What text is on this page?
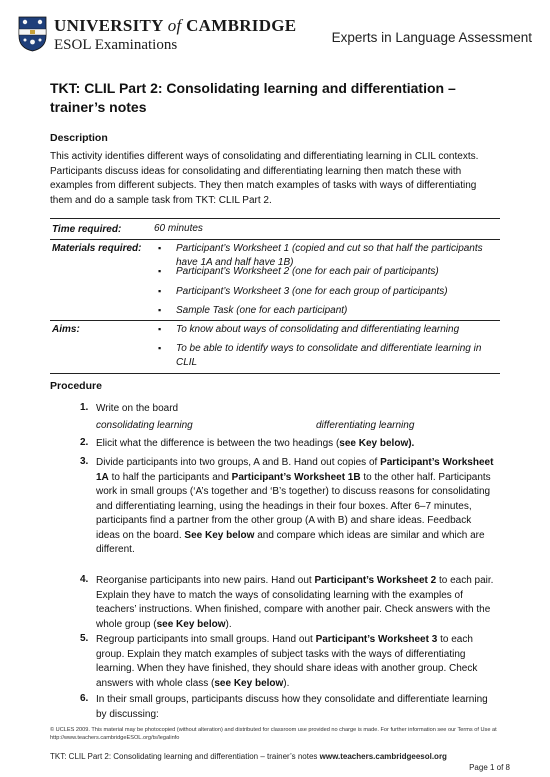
UNIVERSITY of CAMBRIDGE
ESOL Examinations	Experts in Language Assessment
TKT: CLIL Part 2: Consolidating learning and differentiation – trainer’s notes
Description
This activity identifies different ways of consolidating and differentiating learning in CLIL contexts. Participants discuss ideas for consolidating and differentiating learning then match these with examples from different subjects. They then match examples of tasks with ways of differentiating them and do a sample task from TKT: CLIL Part 2.
Time required:	60 minutes
Materials required: ▪ Participant’s Worksheet 1 (copied and cut so that half the participants have 1A and half have 1B)
▪ Participant’s Worksheet 2 (one for each pair of participants)
▪ Participant’s Worksheet 3 (one for each group of participants)
▪ Sample Task (one for each participant)
Aims:	▪ To know about ways of consolidating and differentiating learning
▪ To be able to identify ways to consolidate and differentiate learning in CLIL
Procedure
1. Write on the board
consolidating learning	differentiating learning
2. Elicit what the difference is between the two headings (see Key below).
3. Divide participants into two groups, A and B. Hand out copies of Participant’s Worksheet 1A to half the participants and Participant’s Worksheet 1B to the other half. Participants work in small groups (‘A’s together and ‘B’s together) to discuss reasons for consolidating and differentiating learning, using the headings in their four boxes. After 6–7 minutes, participants find a partner from the other group (A with B) and share ideas. Feedback ideas on the board. See Key below and compare which ideas are similar and which are different.
4. Reorganise participants into new pairs. Hand out Participant’s Worksheet 2 to each pair. Explain they have to match the ways of consolidating learning with the examples of teachers’ instructions. When finished, compare with another pair. Check answers with the whole group (see Key below).
5. Regroup participants into small groups. Hand out Participant’s Worksheet 3 to each group. Explain they match examples of subject tasks with the ways of differentiating learning. When they have finished, they should share ideas with another group. Check answers with whole class (see Key below).
6. In their small groups, participants discuss how they consolidate and differentiate learning by discussing:
© UCLES 2009. This material may be photocopied (without alteration) and distributed for classroom use provided no charge is made. For further information see our Terms of Use at http://www.teachers.cambridgeESOL.org/ts/legalinfo
TKT: CLIL Part 2: Consolidating learning and differentiation – trainer’s notes www.teachers.cambridgeesol.org
Page 1 of 8
